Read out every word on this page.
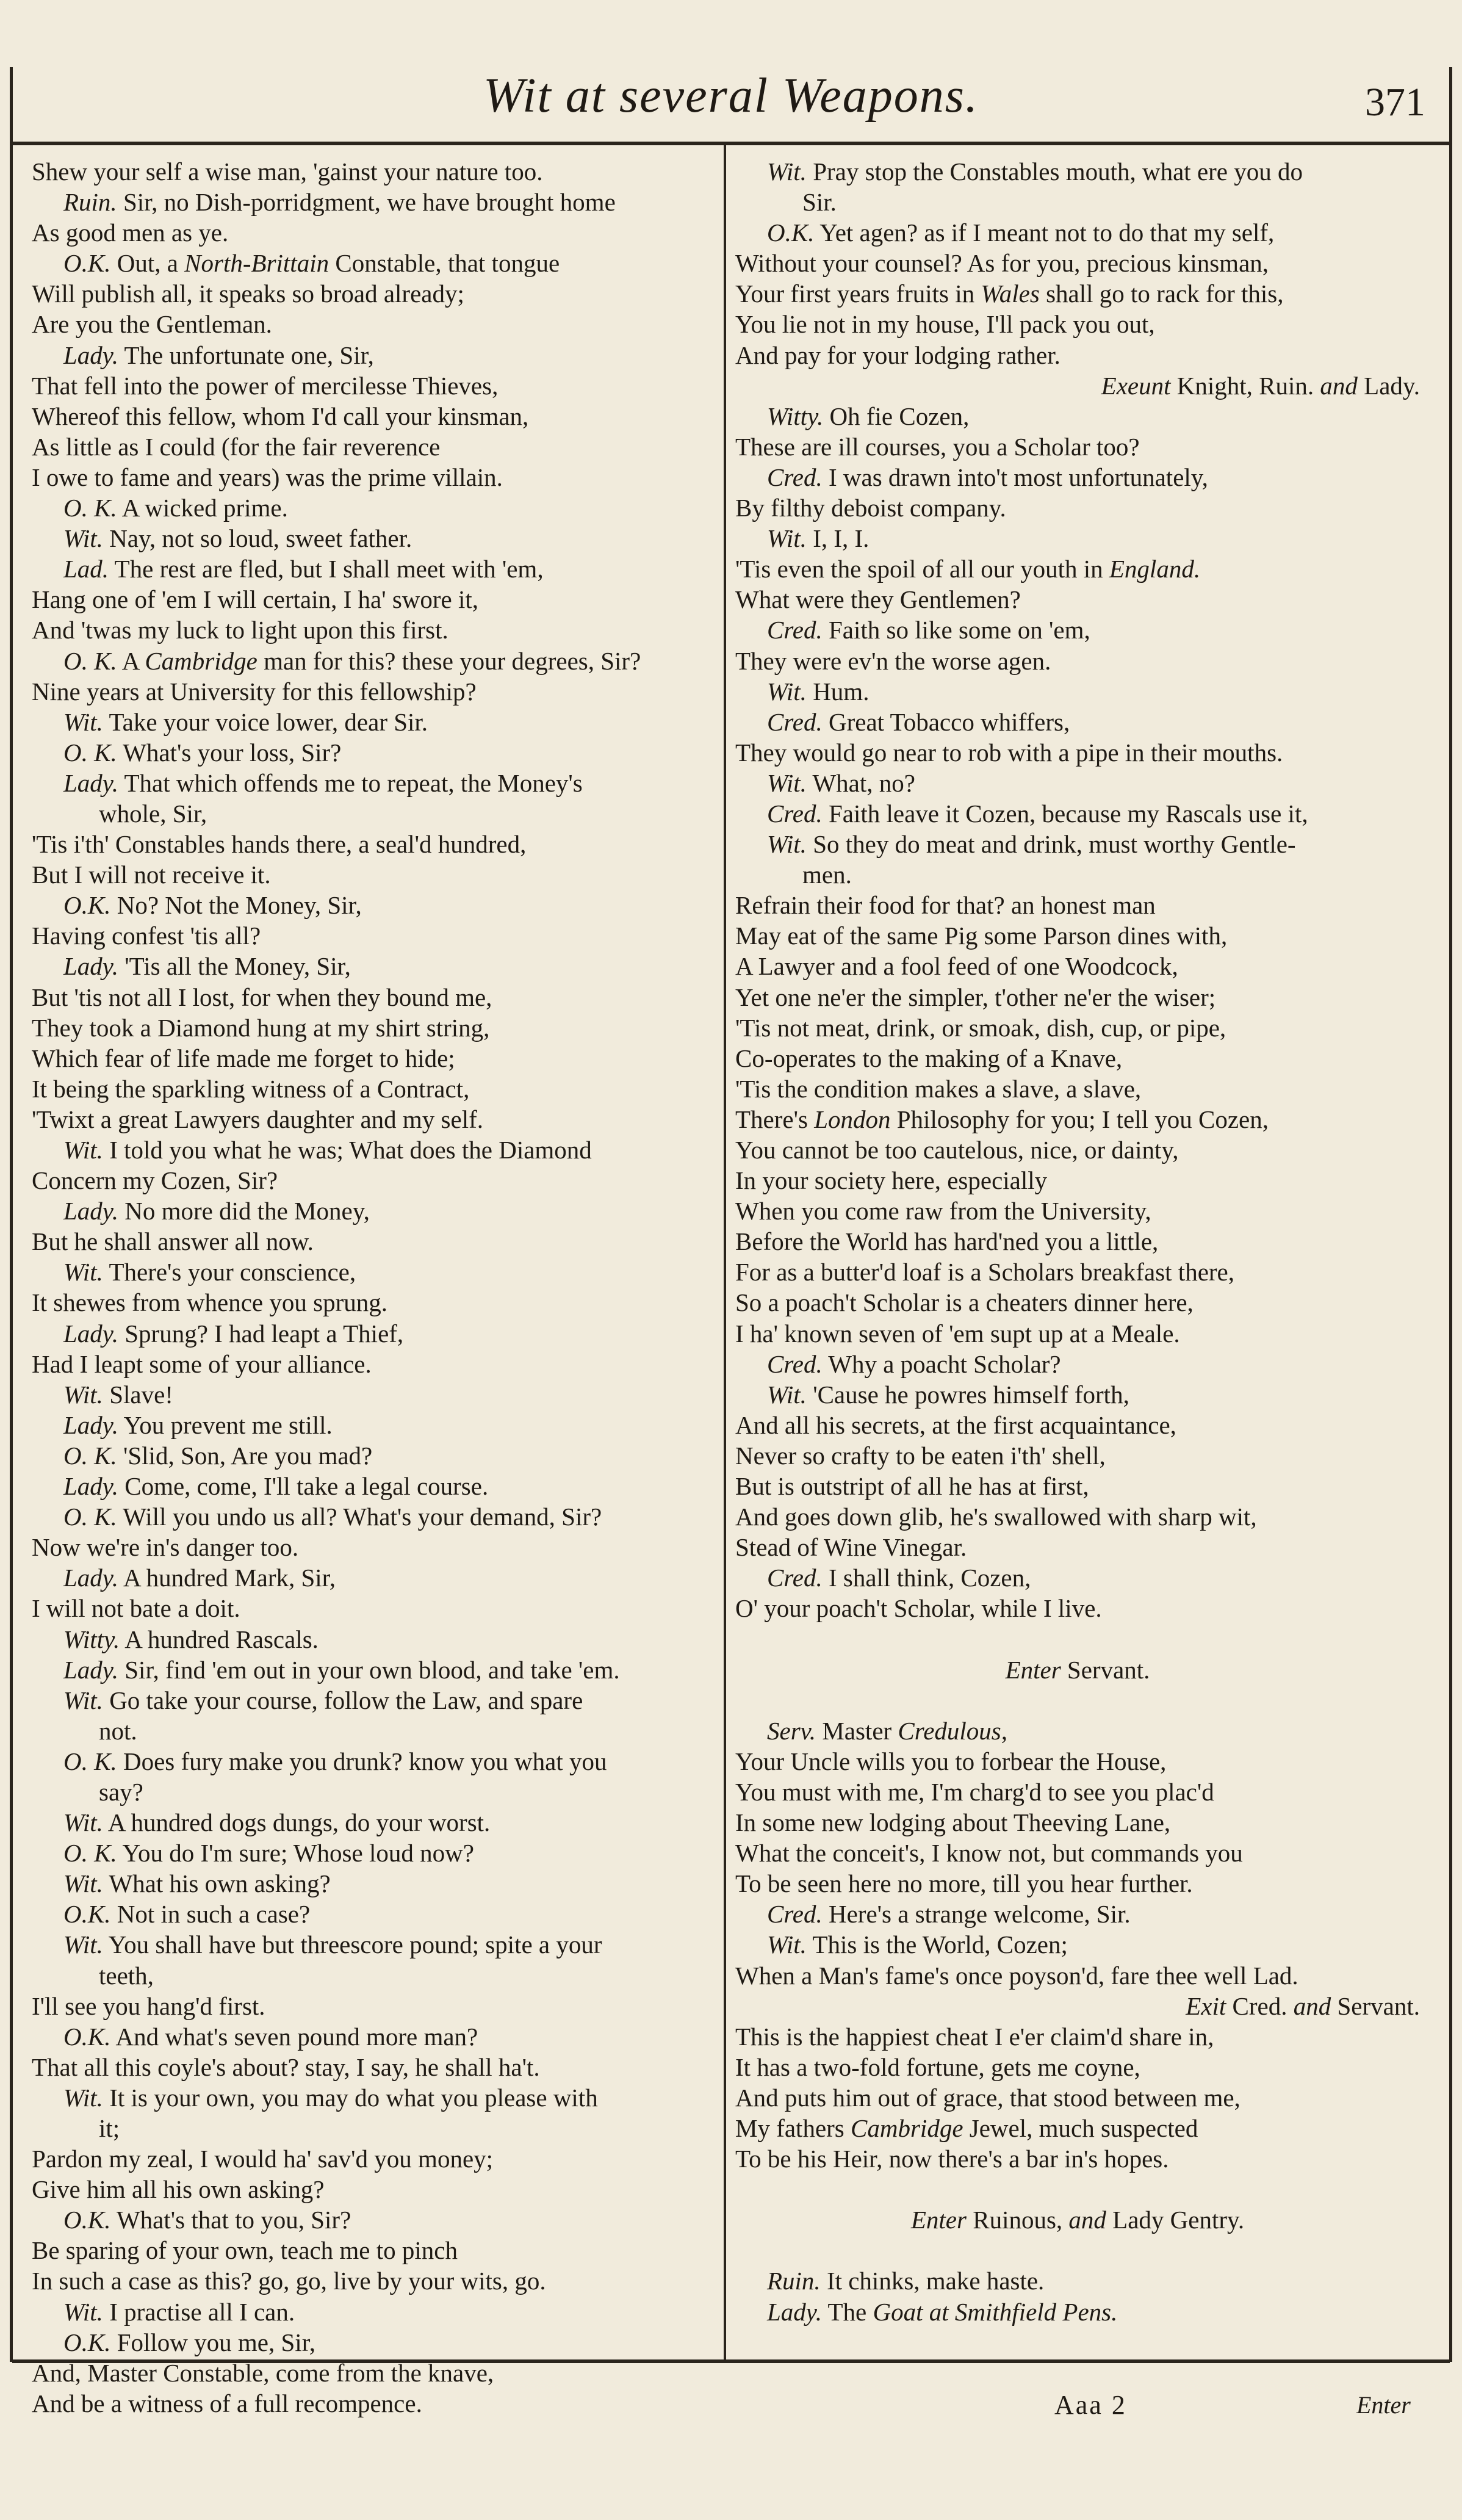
Wit at several Weapons.	371
Shew your self a wise man, 'gainst your nature too.
Ruin. Sir, no Dish-porridgment, we have brought home
As good men as ye.
O.K. Out, a North-Brittain Constable, that tongue
Will publish all, it speaks so broad already;
Are you the Gentleman.
Lady. The unfortunate one, Sir,
That fell into the power of mercilesse Thieves,
Whereof this fellow, whom I'd call your kinsman,
As little as I could (for the fair reverence
I owe to fame and years) was the prime villain.
O. K. A wicked prime.
Wit. Nay, not so loud, sweet father.
Lad. The rest are fled, but I shall meet with 'em,
Hang one of 'em I will certain, I ha' swore it,
And 'twas my luck to light upon this first.
O. K. A Cambridge man for this? these your degrees, Sir?
Nine years at University for this fellowship?
Wit. Take your voice lower, dear Sir.
O. K. What's your loss, Sir?
Lady. That which offends me to repeat, the Money's
whole, Sir,
'Tis i'th' Constables hands there, a seal'd hundred,
But I will not receive it.
O.K. No? Not the Money, Sir,
Having confest 'tis all?
Lady. 'Tis all the Money, Sir,
But 'tis not all I lost, for when they bound me,
They took a Diamond hung at my shirt string,
Which fear of life made me forget to hide;
It being the sparkling witness of a Contract,
'Twixt a great Lawyers daughter and my self.
Wit. I told you what he was; What does the Diamond
Concern my Cozen, Sir?
Lady. No more did the Money,
But he shall answer all now.
Wit. There's your conscience,
It shewes from whence you sprung.
Lady. Sprung? I had leapt a Thief,
Had I leapt some of your alliance.
Wit. Slave!
Lady. You prevent me still.
O. K. 'Slid, Son, Are you mad?
Lady. Come, come, I'll take a legal course.
O. K. Will you undo us all? What's your demand, Sir?
Now we're in's danger too.
Lady. A hundred Mark, Sir,
I will not bate a doit.
Witty. A hundred Rascals.
Lady. Sir, find 'em out in your own blood, and take 'em.
Wit. Go take your course, follow the Law, and spare
not.
O. K. Does fury make you drunk? know you what you
say?
Wit. A hundred dogs dungs, do your worst.
O. K. You do I'm sure; Whose loud now?
Wit. What his own asking?
O.K. Not in such a case?
Wit. You shall have but threescore pound; spite a your
teeth,
I'll see you hang'd first.
O.K. And what's seven pound more man?
That all this coyle's about? stay, I say, he shall ha't.
Wit. It is your own, you may do what you please with
it;
Pardon my zeal, I would ha' sav'd you money;
Give him all his own asking?
O.K. What's that to you, Sir?
Be sparing of your own, teach me to pinch
In such a case as this? go, go, live by your wits, go.
Wit. I practise all I can.
O.K. Follow you me, Sir,
And, Master Constable, come from the knave,
And be a witness of a full recompence.
Wit. Pray stop the Constables mouth, what ere you do
Sir.
O.K. Yet agen? as if I meant not to do that my self,
Without your counsel? As for you, precious kinsman,
Your first years fruits in Wales shall go to rack for this,
You lie not in my house, I'll pack you out,
And pay for your lodging rather.
Exeunt Knight, Ruin. and Lady.
Witty. Oh fie Cozen,
These are ill courses, you a Scholar too?
Cred. I was drawn into't most unfortunately,
By filthy deboist company.
Wit. I, I, I.
'Tis even the spoil of all our youth in England.
What were they Gentlemen?
Cred. Faith so like some on 'em,
They were ev'n the worse agen.
Wit. Hum.
Cred. Great Tobacco whiffers,
They would go near to rob with a pipe in their mouths.
Wit. What, no?
Cred. Faith leave it Cozen, because my Rascals use it,
Wit. So they do meat and drink, must worthy Gentle-
men.
Refrain their food for that? an honest man
May eat of the same Pig some Parson dines with,
A Lawyer and a fool feed of one Woodcock,
Yet one ne'er the simpler, t'other ne'er the wiser;
'Tis not meat, drink, or smoak, dish, cup, or pipe,
Co-operates to the making of a Knave,
'Tis the condition makes a slave, a slave,
There's London Philosophy for you; I tell you Cozen,
You cannot be too cautelous, nice, or dainty,
In your society here, especially
When you come raw from the University,
Before the World has hard'ned you a little,
For as a butter'd loaf is a Scholars breakfast there,
So a poach't Scholar is a cheaters dinner here,
I ha' known seven of 'em supt up at a Meale.
Cred. Why a poacht Scholar?
Wit. 'Cause he powres himself forth,
And all his secrets, at the first acquaintance,
Never so crafty to be eaten i'th' shell,
But is outstript of all he has at first,
And goes down glib, he's swallowed with sharp wit,
Stead of Wine Vinegar.
Cred. I shall think, Cozen,
O' your poach't Scholar, while I live.
Enter Servant.
Serv. Master Credulous,
Your Uncle wills you to forbear the House,
You must with me, I'm charg'd to see you plac'd
In some new lodging about Theeving Lane,
What the conceit's, I know not, but commands you
To be seen here no more, till you hear further.
Cred. Here's a strange welcome, Sir.
Wit. This is the World, Cozen;
When a Man's fame's once poyson'd, fare thee well Lad.
Exit Cred. and Servant.
This is the happiest cheat I e'er claim'd share in,
It has a two-fold fortune, gets me coyne,
And puts him out of grace, that stood between me,
My fathers Cambridge Jewel, much suspected
To be his Heir, now there's a bar in's hopes.
Enter Ruinous, and Lady Gentry.
Ruin. It chinks, make haste.
Lady. The Goat at Smithfield Pens.
Aaa 2	Enter
